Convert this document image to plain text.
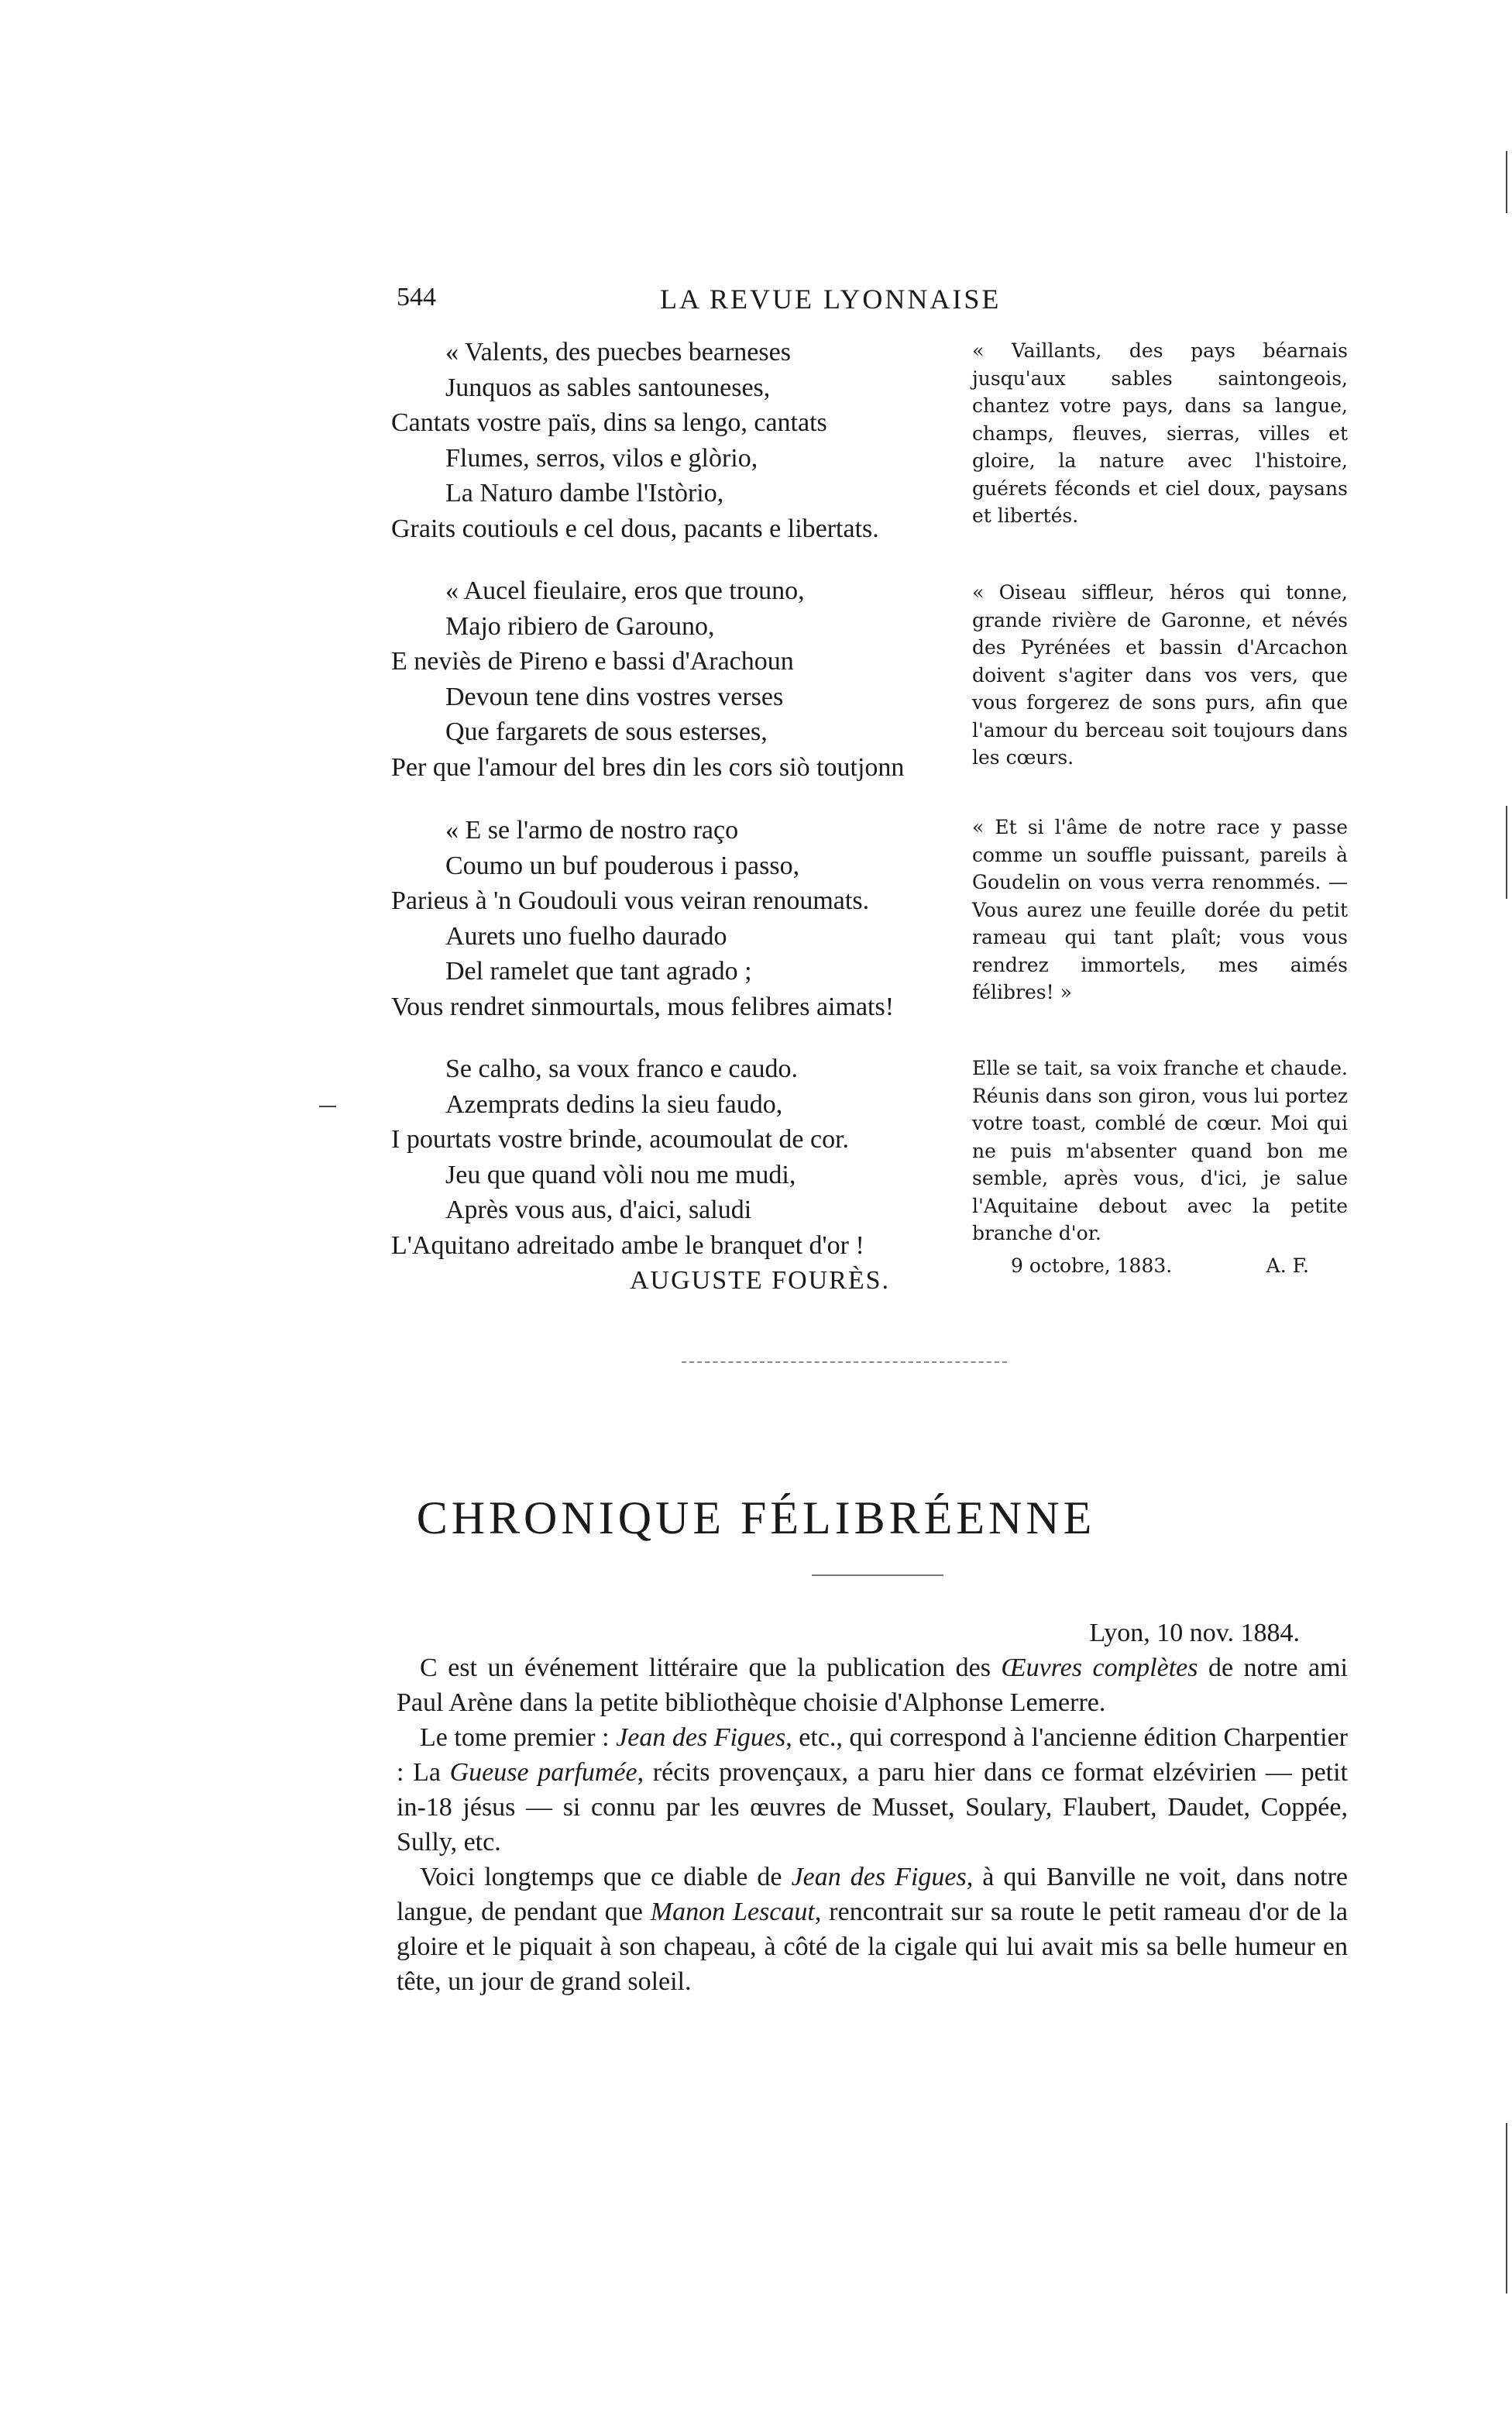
544	LA REVUE LYONNAISE
« Valents, des puecbes bearneses
Junquos as sables santouneses,
Cantats vostre païs, dins sa lengo, cantats
Flumes, serros, vilos e glòrio,
La Naturo dambe l'Istòrio,
Graits coutiouls e cel dous, pacants e libertats.
« Aucel fieulaire, eros que trouno,
Majo ribiero de Garouno,
E neviès de Pireno e bassi d'Arachoun
Devoun tene dins vostres verses
Que fargarets de sous esterses,
Per que l'amour del bres din les cors siò toutjonn
« E se l'armo de nostro raço
Coumo un buf pouderous i passo,
Parieus à 'n Goudouli vous veiran renoumats.
Aurets uno fuelho daurado
Del ramelet que tant agrado ;
Vous rendret sinmourtals, mous felibres aimats!
Se calho, sa voux franco e caudo.
Azemprats dedins la sieu faudo,
I pourtats vostre brinde, acoumoulat de cor.
Jeu que quand vòli nou me mudi,
Après vous aus, d'aici, saludi
L'Aquitano adreitado ambe le branquet d'or !
AUGUSTE FOURÈS.

« Vaillants, des pays béarnais jusqu'aux sables saintongeois, chantez votre pays, dans sa langue, champs, fleuves, sierras, villes et gloire, la nature avec l'histoire, guérets féconds et ciel doux, paysans et libertés.

« Oiseau siffleur, héros qui tonne, grande rivière de Garonne, et névés des Pyrénées et bassin d'Arcachon doivent s'agiter dans vos vers, que vous forgerez de sons purs, afin que l'amour du berceau soit toujours dans les cœurs.

« Et si l'âme de notre race y passe comme un souffle puissant, pareils à Goudelin on vous verra renommés. — Vous aurez une feuille dorée du petit rameau qui tant plaît; vous vous rendrez immortels, mes aimés félibres! »

Elle se tait, sa voix franche et chaude. Réunis dans son giron, vous lui portez votre toast, comblé de cœur. Moi qui ne puis m'absenter quand bon me semble, après vous, d'ici, je salue l'Aquitaine debout avec la petite branche d'or.

9 octobre, 1883.	A. F.
CHRONIQUE FÉLIBRÉENNE
Lyon, 10 nov. 1884.

C est un événement littéraire que la publication des Œuvres complètes de notre ami Paul Arène dans la petite bibliothèque choisie d'Alphonse Lemerre.

Le tome premier : Jean des Figues, etc., qui correspond à l'ancienne édition Charpentier : La Gueuse parfumée, récits provençaux, a paru hier dans ce format elzévirien — petit in-18 jésus — si connu par les œuvres de Musset, Soulary, Flaubert, Daudet, Coppée, Sully, etc.

Voici longtemps que ce diable de Jean des Figues, à qui Banville ne voit, dans notre langue, de pendant que Manon Lescaut, rencontrait sur sa route le petit rameau d'or de la gloire et le piquait à son chapeau, à côté de la cigale qui lui avait mis sa belle humeur en tête, un jour de grand soleil.
